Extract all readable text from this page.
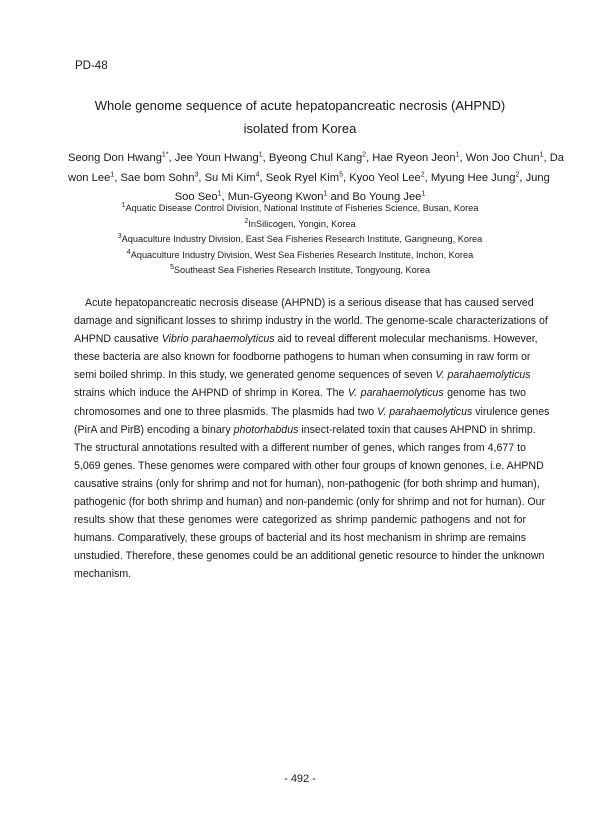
PD-48
Whole genome sequence of acute hepatopancreatic necrosis (AHPND)
isolated from Korea
Seong Don Hwang$^{1*}$, Jee Youn Hwang$^1$, Byeong Chul Kang$^2$, Hae Ryeon Jeon$^1$, Won Joo Chun$^1$, Da
won Lee$^1$, Sae bom Sohn$^3$, Su Mi Kim$^4$, Seok Ryel Kim$^5$, Kyoo Yeol Lee$^2$, Myung Hee Jung$^2$, Jung
Soo Seo$^1$, Mun-Gyeong Kwon$^1$ and Bo Young Jee$^1$
$^1$Aquatic Disease Control Division, National Institute of Fisheries Science, Busan, Korea
$^2$InSilicogen, Yongin, Korea
$^3$Aquaculture Industry Division, East Sea Fisheries Research Institute, Gangneung, Korea
$^4$Aquaculture Industry Division, West Sea Fisheries Research Institute, Inchon, Korea
$^5$Southeast Sea Fisheries Research Institute, Tongyoung, Korea
Acute hepatopancreatic necrosis disease (AHPND) is a serious disease that has caused served
damage and significant losses to shrimp industry in the world. The genome-scale characterizations of
AHPND causative Vibrio parahaemolyticus aid to reveal different molecular mechanisms. However,
these bacteria are also known for foodborne pathogens to human when consuming in raw form or
semi boiled shrimp. In this study, we generated genome sequences of seven V. parahaemolyticus
strains which induce the AHPND of shrimp in Korea. The V. parahaemolyticus genome has two
chromosomes and one to three plasmids. The plasmids had two V. parahaemolyticus virulence genes
(PirA and PirB) encoding a binary photorhabdus insect-related toxin that causes AHPND in shrimp.
The structural annotations resulted with a different number of genes, which ranges from 4,677 to
5,069 genes. These genomes were compared with other four groups of known genones, i.e. AHPND
causative strains (only for shrimp and not for human), non-pathogenic (for both shrimp and human),
pathogenic (for both shrimp and human) and non-pandemic (only for shrimp and not for human). Our
results show that these genomes were categorized as shrimp pandemic pathogens and not for
humans. Comparatively, these groups of bacterial and its host mechanism in shrimp are remains
unstudied. Therefore, these genomes could be an additional genetic resource to hinder the unknown
mechanism.
- 492 -
